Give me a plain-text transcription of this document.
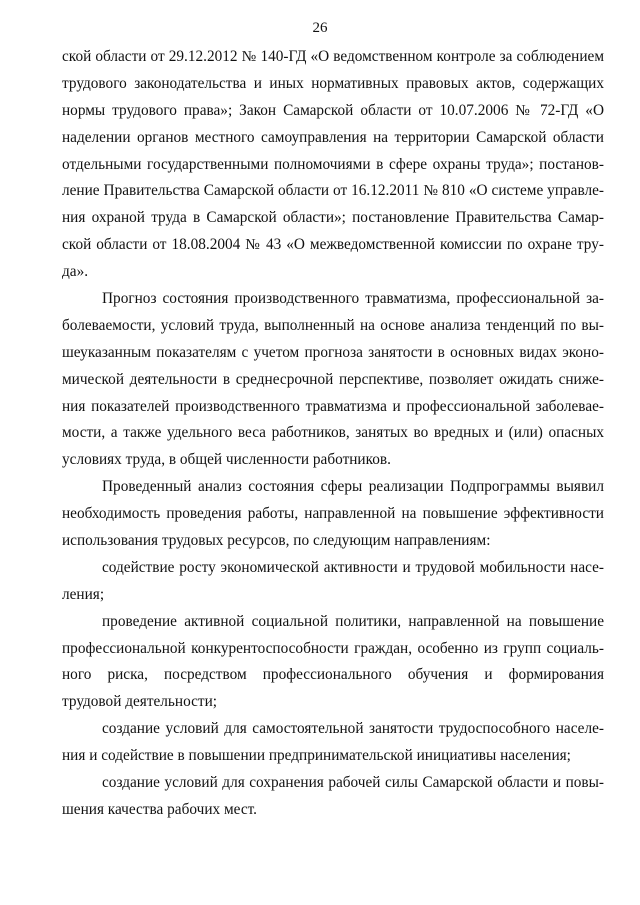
26
ской области от 29.12.2012 № 140-ГД «О ведомственном контроле за соблюдением
трудового законодательства и иных нормативных правовых актов, содержащих
нормы трудового права»; Закон Самарской области от 10.07.2006 № 72-ГД «О
наделении органов местного самоуправления на территории Самарской области
отдельными государственными полномочиями в сфере охраны труда»; постанов-
ление Правительства Самарской области от 16.12.2011 № 810 «О системе управле-
ния охраной труда в Самарской области»; постановление Правительства Самар-
ской области от 18.08.2004 № 43 «О межведомственной комиссии по охране тру-
да».
Прогноз состояния производственного травматизма, профессиональной за-
болеваемости, условий труда, выполненный на основе анализа тенденций по вы-
шеуказанным показателям с учетом прогноза занятости в основных видах эконо-
мической деятельности в среднесрочной перспективе, позволяет ожидать сниже-
ния показателей производственного травматизма и профессиональной заболевае-
мости, а также удельного веса работников, занятых во вредных и (или) опасных
условиях труда, в общей численности работников.
Проведенный анализ состояния сферы реализации Подпрограммы выявил
необходимость проведения работы, направленной на повышение эффективности
использования трудовых ресурсов, по следующим направлениям:
содействие росту экономической активности и трудовой мобильности насе-
ления;
проведение активной социальной политики, направленной на повышение
профессиональной конкурентоспособности граждан, особенно из групп социаль-
ного риска, посредством профессионального обучения и формирования
трудовой деятельности;
создание условий для самостоятельной занятости трудоспособного населе-
ния и содействие в повышении предпринимательской инициативы населения;
создание условий для сохранения рабочей силы Самарской области и повы-
шения качества рабочих мест.
